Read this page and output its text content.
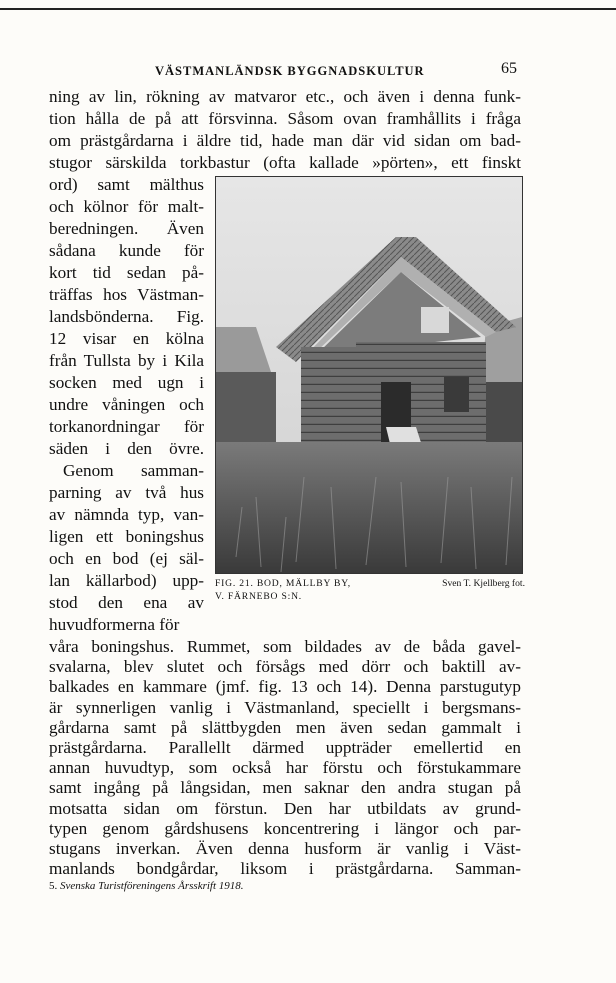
VÄSTMANLÄNDSK BYGGNADSKULTUR	65
ning av lin, rökning av matvaror etc., och även i denna funk-
tion hålla de på att försvinna. Såsom ovan framhållits i fråga
om prästgårdarna i äldre tid, hade man där vid sidan om bad-
stugor särskilda torkbastur (ofta kallade »pörten», ett finskt
ord) samt mälthus
och kölnor för malt-
beredningen. Även
sådana kunde för
kort tid sedan på-
träffas hos Västman-
landsbönderna. Fig.
12 visar en kölna
från Tullsta by i Kila
socken med ugn i
undre våningen och
torkanordningar för
säden i den övre.
Genom samman-
parning av två hus
av nämnda typ, van-
ligen ett boningshus
och en bod (ej säl-
lan källarbod) upp-
stod den ena av
huvudformerna för
våra boningshus. Rummet, som bildades av de båda gavel-
svalarna, blev slutet och försågs med dörr och baktill av-
balkades en kammare (jmf. fig. 13 och 14). Denna parstugutyp
är synnerligen vanlig i Västmanland, speciellt i bergsmans-
gårdarna samt på slättbygden men även sedan gammalt i
prästgårdarna. Parallellt därmed uppträder emellertid en
annan huvudtyp, som också har förstu och förstukammare
samt ingång på långsidan, men saknar den andra stugan på
motsatta sidan om förstun. Den har utbildats av grund-
typen genom gårdshusens koncentrering i längor och par-
stugans inverkan. Även denna husform är vanlig i Väst-
FIG. 21. BOD, MÄLLBY BY,	Sven T. Kjellberg fot.
V. FÄRNEBO S:N.
5. Svenska Turistföreningens Årsskrift 1918.
manlands bondgårdar, liksom i prästgårdarna. Samman-
